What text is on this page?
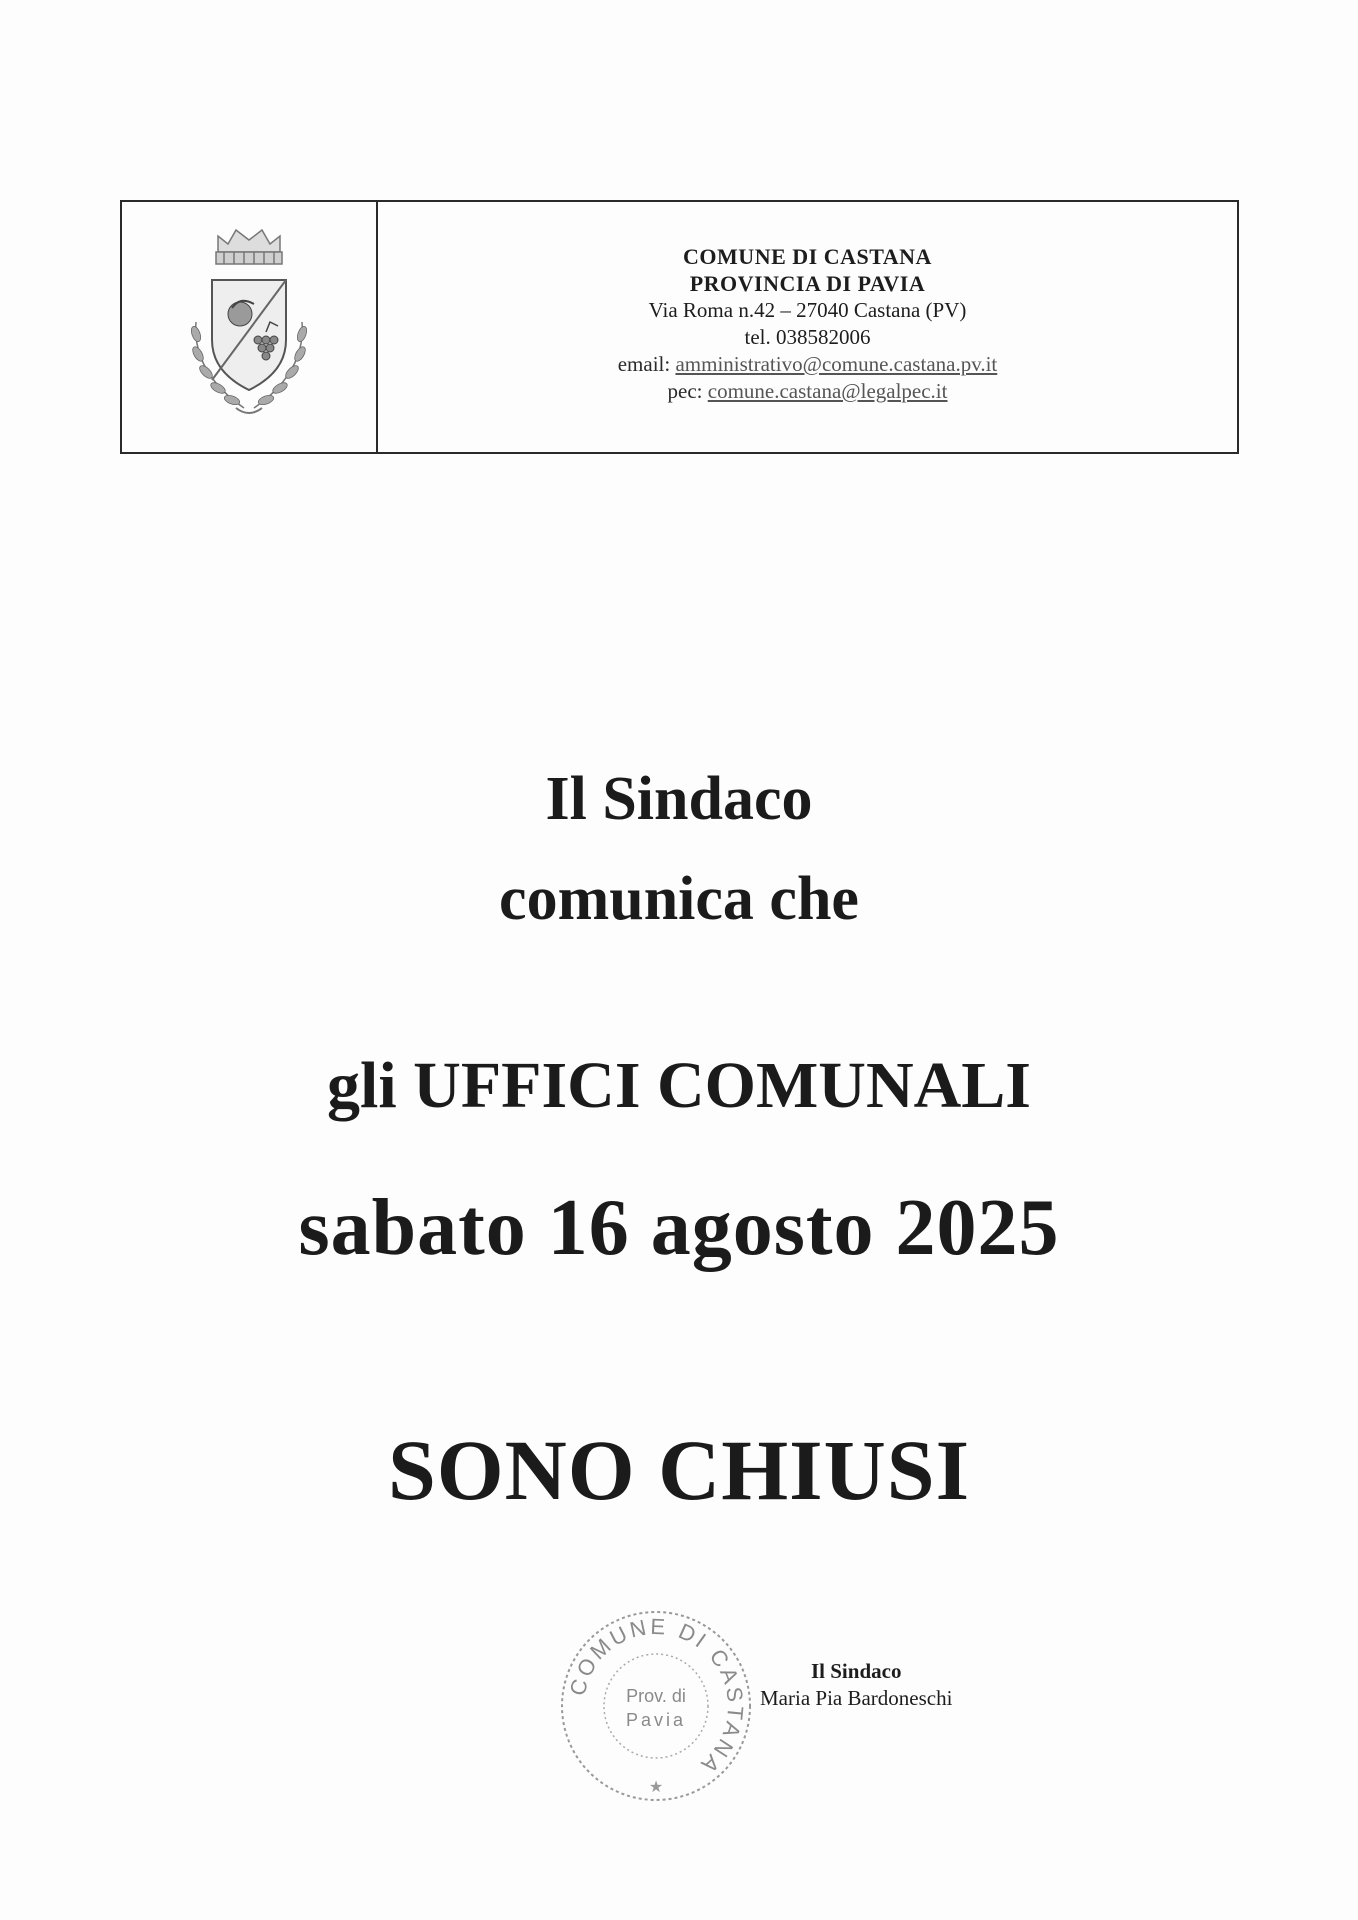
COMUNE DI CASTANA
PROVINCIA DI PAVIA
Via Roma n.42 – 27040 Castana (PV)
tel. 038582006
email: amministrativo@comune.castana.pv.it
pec: comune.castana@legalpec.it
Il Sindaco
comunica che
gli UFFICI COMUNALI
sabato 16 agosto 2025
SONO CHIUSI
COMUNE DI CASTANA
Prov. di
Pavia
★
Il Sindaco
Maria Pia Bardoneschi
